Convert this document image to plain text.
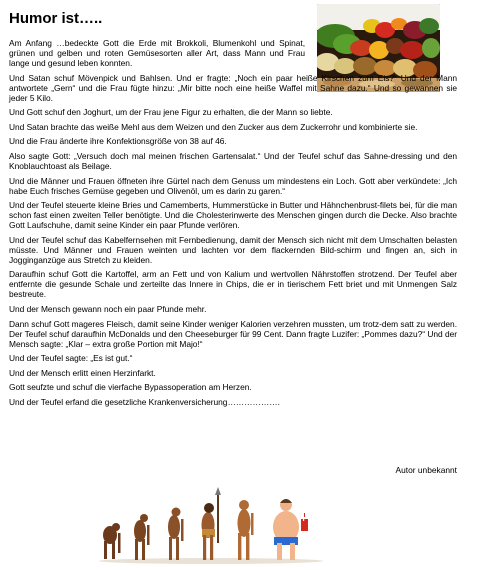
Humor ist…..

Am Anfang …bedeckte Gott die Erde mit Brokkoli, Blumenkohl und Spinat, grünen und gelben und roten Gemüsesorten aller Art, dass Mann und Frau lange und gesund leben konnten.

Und Satan schuf Mövenpick und Bahlsen. Und er fragte: „Noch ein paar heiße Kirschen zum Eis?“ Und der Mann antwortete „Gern“ und die Frau fügte hinzu: „Mir bitte noch eine heiße Waffel mit Sahne dazu.“ Und so gewannen sie jeder 5 Kilo.

Und Gott schuf den Joghurt, um der Frau jene Figur zu erhalten, die der Mann so liebte.

Und Satan brachte das weiße Mehl aus dem Weizen und den Zucker aus dem Zuckerrohr und kombinierte sie.

Und die Frau änderte ihre Konfektionsgröße von 38 auf 46.

Also sagte Gott: „Versuch doch mal meinen frischen Gartensalat.“ Und der Teufel schuf das Sahne-dressing und den Knoblauchtoast als Beilage.

Und die Männer und Frauen öffneten ihre Gürtel nach dem Genuss um mindestens ein Loch. Gott aber verkündete: „Ich habe Euch frisches Gemüse gegeben und Olivenöl, um es darin zu garen.“

Und der Teufel steuerte kleine Bries und Camemberts, Hummerstücke in Butter und Hähnchenbrust-filets bei, für die man schon fast einen zweiten Teller benötigte. Und die Cholesterinwerte des Menschen gingen durch die Decke. Also brachte Gott Laufschuhe, damit seine Kinder ein paar Pfunde verlören.

Und der Teufel schuf das Kabelfernsehen mit Fernbedienung, damit der Mensch sich nicht mit dem Umschalten belasten müsste. Und Männer und Frauen weinten und lachten vor dem flackernden Bild-schirm und fingen an, sich in Jogginganzüge aus Stretch zu kleiden.

Daraufhin schuf Gott die Kartoffel, arm an Fett und von Kalium und wertvollen Nährstoffen strotzend. Der Teufel aber entfernte die gesunde Schale und zerteilte das Innere in Chips, die er in tierischem Fett briet und mit Unmengen Salz bestreute.

Und der Mensch gewann noch ein paar Pfunde mehr.

Dann schuf Gott mageres Fleisch, damit seine Kinder weniger Kalorien verzehren mussten, um trotz-dem satt zu werden. Der Teufel schuf daraufhin McDonalds und den Cheeseburger für 99 Cent. Dann fragte Luzifer: „Pommes dazu?“ Und der Mensch sagte: „Klar – extra große Portion mit Majo!“

Und der Teufel sagte: „Es ist gut.“

Und der Mensch erlitt einen Herzinfarkt.

Gott seufzte und schuf die vierfache Bypassoperation am Herzen.

Und der Teufel erfand die gesetzliche Krankenversicherung……………….

Autor unbekannt
